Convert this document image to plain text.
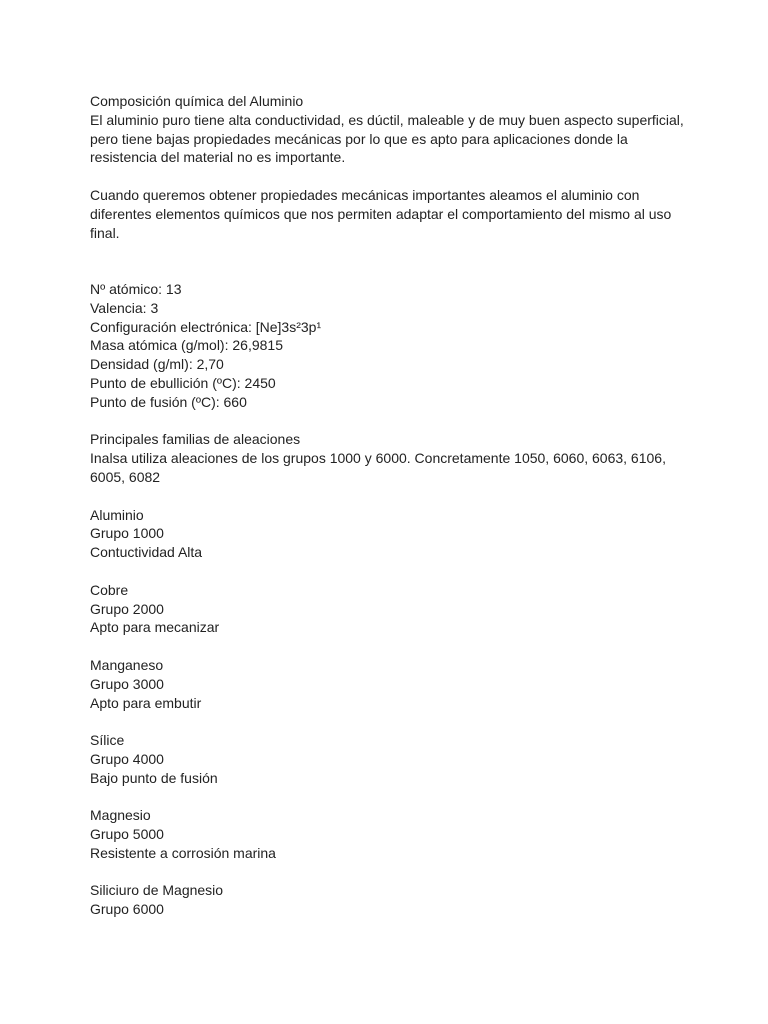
Composición química del Aluminio
El aluminio puro tiene alta conductividad, es dúctil, maleable y de muy buen aspecto superficial,
pero tiene bajas propiedades mecánicas por lo que es apto para aplicaciones donde la
resistencia del material no es importante.
Cuando queremos obtener propiedades mecánicas importantes aleamos el aluminio con
diferentes elementos químicos que nos permiten adaptar el comportamiento del mismo al uso
final.
Nº atómico: 13
Valencia: 3
Configuración electrónica: [Ne]3s²3p¹
Masa atómica (g/mol): 26,9815
Densidad (g/ml): 2,70
Punto de ebullición (ºC): 2450
Punto de fusión (ºC): 660
Principales familias de aleaciones
Inalsa utiliza aleaciones de los grupos 1000 y 6000. Concretamente 1050, 6060, 6063, 6106,
6005, 6082
Aluminio
Grupo 1000
Contuctividad Alta
Cobre
Grupo 2000
Apto para mecanizar
Manganeso
Grupo 3000
Apto para embutir
Sílice
Grupo 4000
Bajo punto de fusión
Magnesio
Grupo 5000
Resistente a corrosión marina
Siliciuro de Magnesio
Grupo 6000
